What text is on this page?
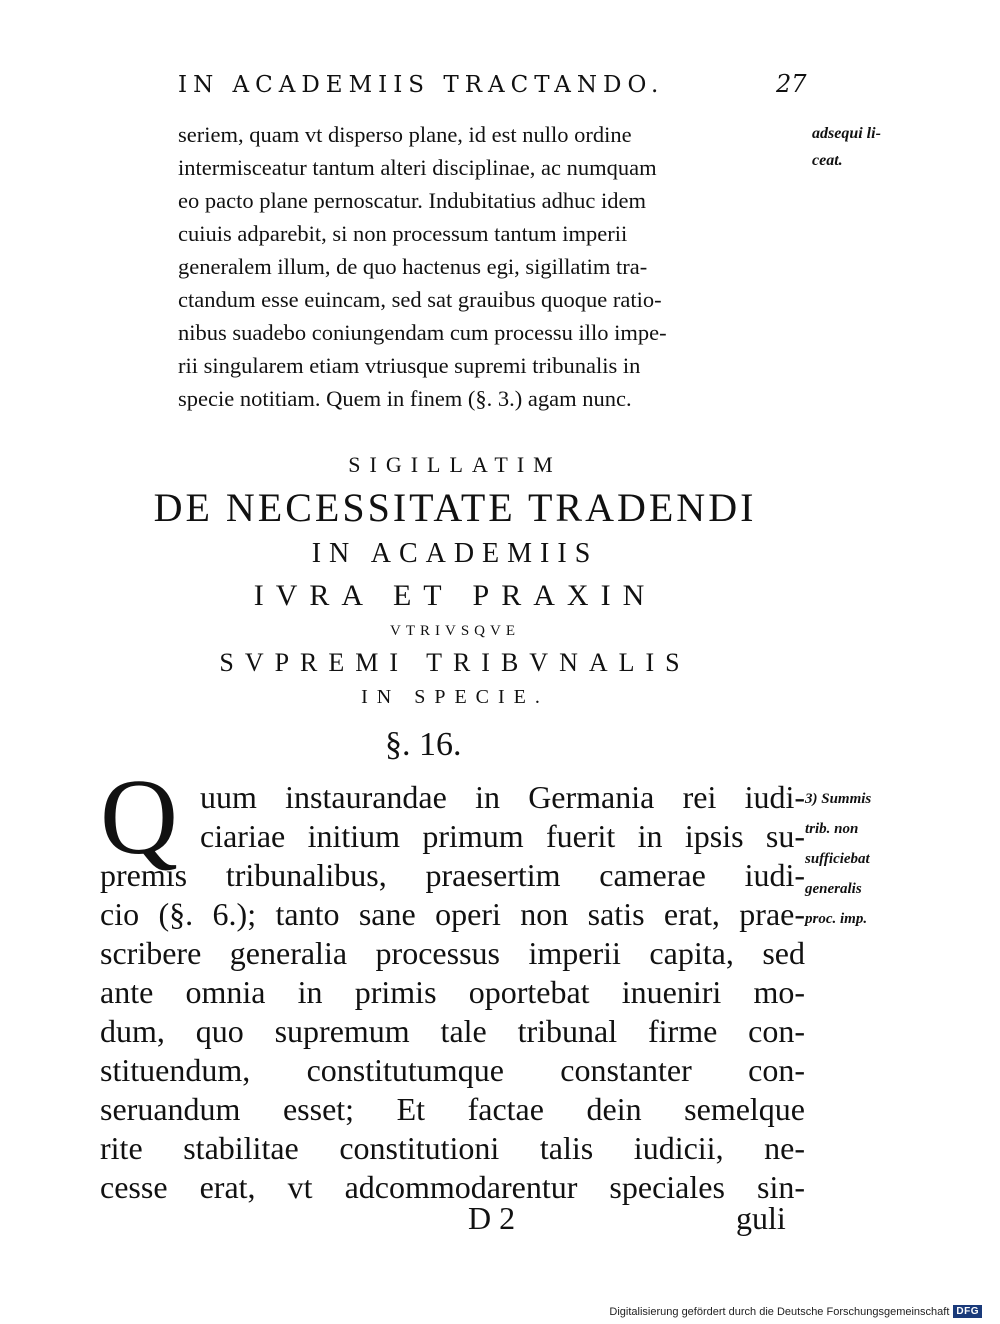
IN ACADEMIIS TRACTANDO.	27
seriem, quam vt disperso plane, id est nullo ordine
intermisceatur tantum alteri disciplinae, ac numquam
eo pacto plane pernoscatur. Indubitatius adhuc idem
cuiuis adparebit, si non processum tantum imperii
generalem illum, de quo hactenus egi, sigillatim tra-
ctandum esse euincam, sed sat grauibus quoque ratio-
nibus suadebo coniungendam cum processu illo impe-
rii singularem etiam vtriusque supremi tribunalis in
specie notitiam. Quem in finem (§. 3.) agam nunc.
adsequi li-
ceat.
SIGILLATIM
DE NECESSITATE TRADENDI
IN ACADEMIIS
IVRA ET PRAXIN
VTRIVSQVE
SVPREMI TRIBVNALIS
IN SPECIE.
§. 16.
Q uum instaurandae in Germania rei iudi-
ciariae initium primum fuerit in ipsis su-
premis tribunalibus, praesertim camerae iudi-
cio (§. 6.); tanto sane operi non satis erat, prae-
scribere generalia processus imperii capita, sed
ante omnia in primis oportebat inueniri mo-
dum, quo supremum tale tribunal firme con-
stituendum, constitutumque constanter con-
seruandum esset; Et factae dein semelque
rite stabilitae constitutioni talis iudicii, ne-
cesse erat, vt adcommodarentur speciales sin-
3) Summis
trib. non
sufficiebat
generalis
proc. imp.
D 2	guli
Digitalisierung gefördert durch die Deutsche Forschungsgemeinschaft DFG
